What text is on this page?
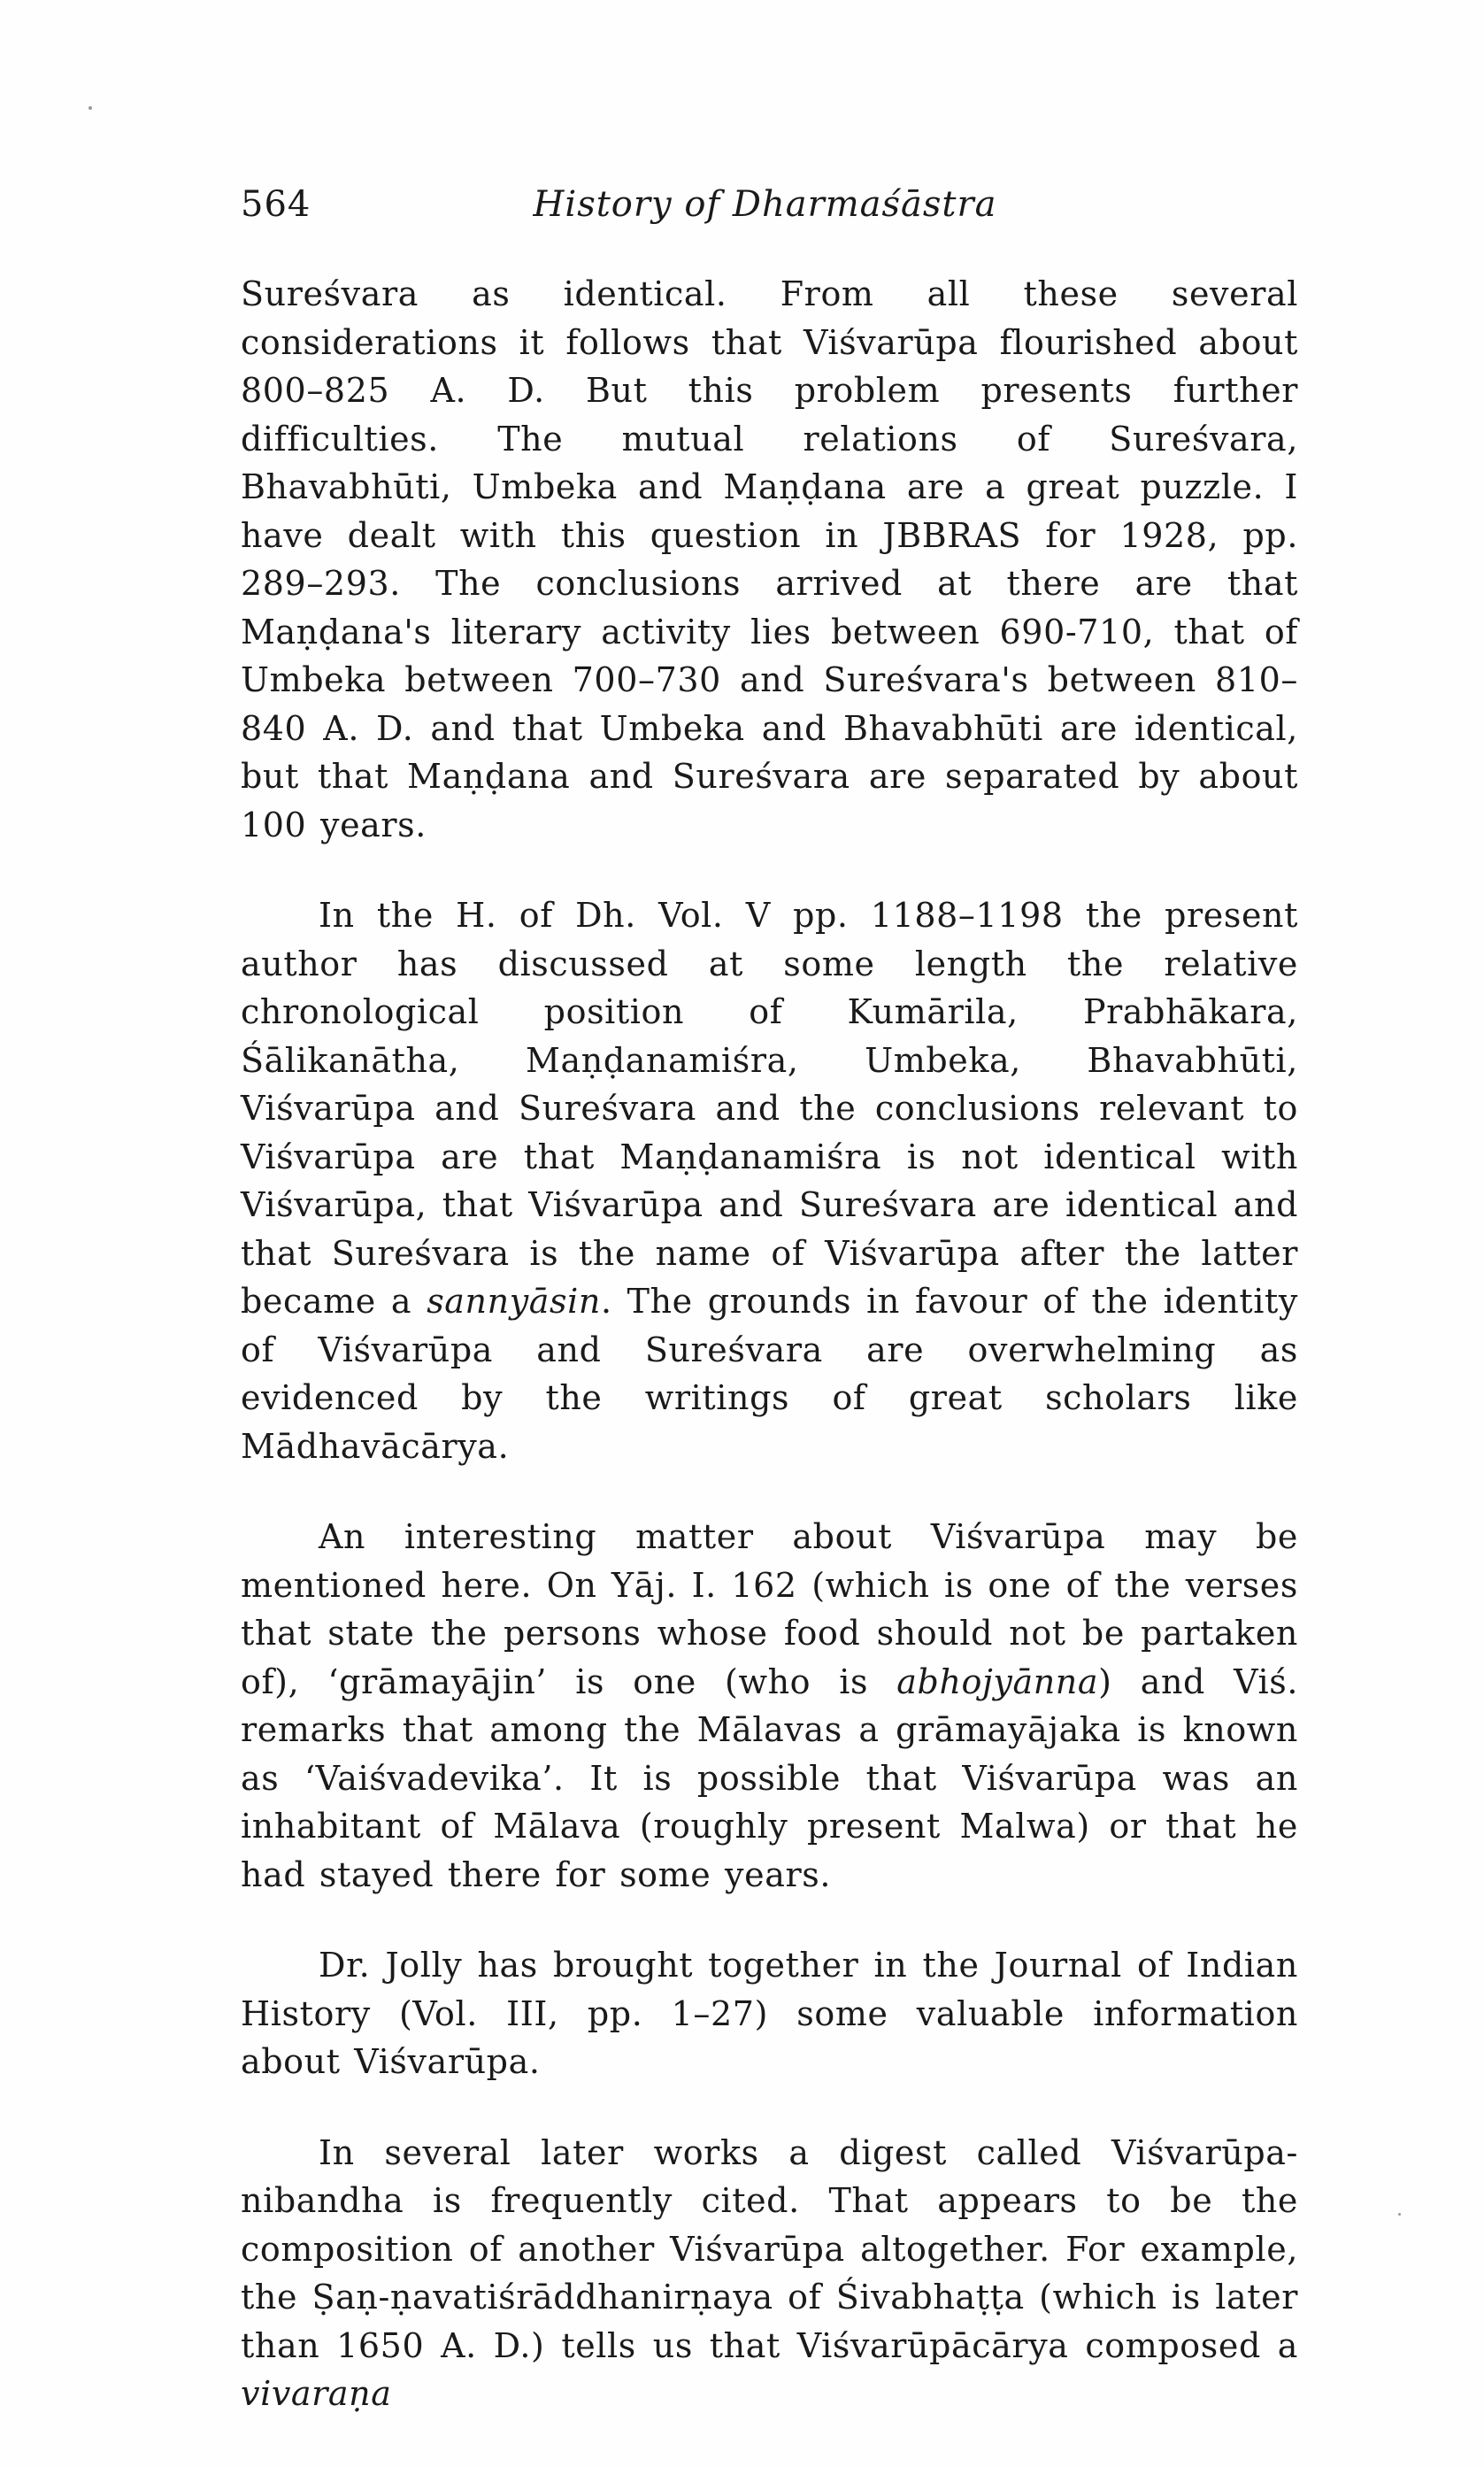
564	History of Dharmaśāstra

Sureśvara as identical. From all these several considerations it follows that Viśvarūpa flourished about 800–825 A. D. But this problem presents further difficulties. The mutual relations of Sureśvara, Bhavabhūti, Umbeka and Maṇḍana are a great puzzle. I have dealt with this question in JBBRAS for 1928, pp. 289–293. The conclusions arrived at there are that Maṇḍana's literary activity lies between 690-710, that of Umbeka between 700–730 and Sureśvara's between 810–840 A. D. and that Umbeka and Bhavabhūti are identical, but that Maṇḍana and Sureśvara are separated by about 100 years.

In the H. of Dh. Vol. V pp. 1188–1198 the present author has discussed at some length the relative chronological position of Kumārila, Prabhākara, Śālikanātha, Maṇḍanamiśra, Umbeka, Bhavabhūti, Viśvarūpa and Sureśvara and the conclusions relevant to Viśvarūpa are that Maṇḍanamiśra is not identical with Viśvarūpa, that Viśvarūpa and Sureśvara are identical and that Sureśvara is the name of Viśvarūpa after the latter became a sannyāsin. The grounds in favour of the identity of Viśvarūpa and Sureśvara are overwhelming as evidenced by the writings of great scholars like Mādhavācārya.

An interesting matter about Viśvarūpa may be mentioned here. On Yāj. I. 162 (which is one of the verses that state the persons whose food should not be partaken of), ‘grāmayājin’ is one (who is abhojyānna) and Viś. remarks that among the Mālavas a grāmayājaka is known as ‘Vaiśvadevika’. It is possible that Viśvarūpa was an inhabitant of Mālava (roughly present Malwa) or that he had stayed there for some years.

Dr. Jolly has brought together in the Journal of Indian History (Vol. III, pp. 1–27) some valuable information about Viśvarūpa.

In several later works a digest called Viśvarūpa-nibandha is frequently cited. That appears to be the composition of another Viśvarūpa altogether. For example, the Ṣaṇ-ṇavatiśrāddhanirṇaya of Śivabhaṭṭa (which is later than 1650 A. D.) tells us that Viśvarūpācārya composed a vivaraṇa
